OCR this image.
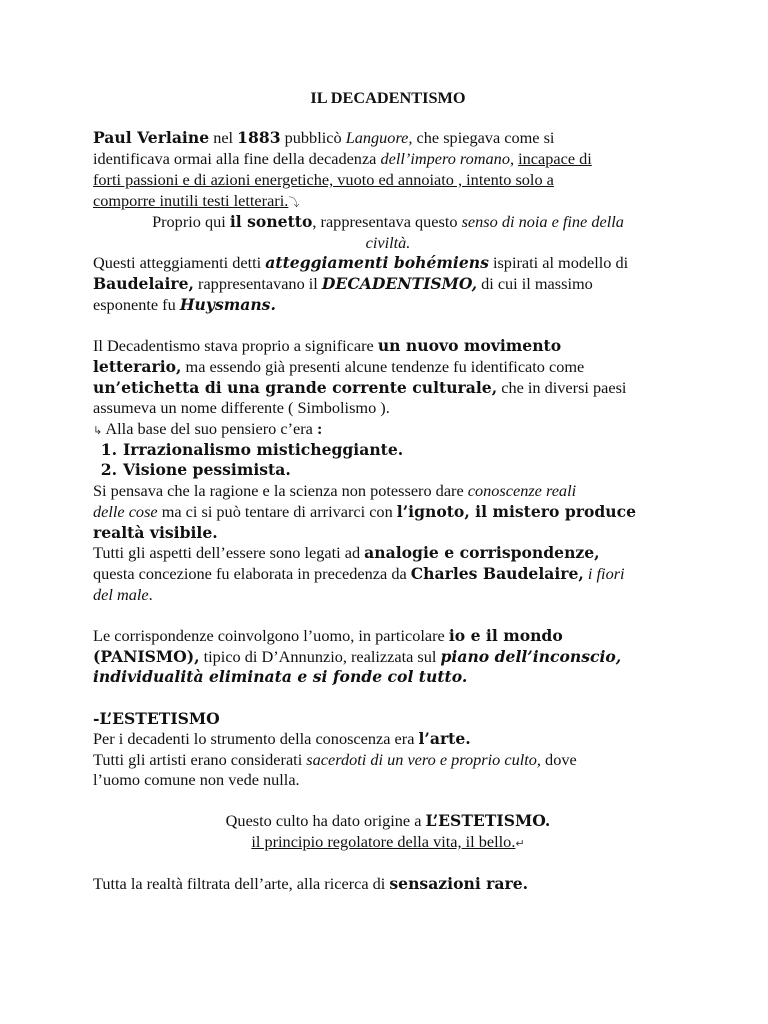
IL DECADENTISMO
Paul Verlaine nel 1883 pubblicò Languore, che spiegava come si
identificava ormai alla fine della decadenza dell’impero romano, incapace di
forti passioni e di azioni energetiche, vuoto ed annoiato , intento solo a
comporre inutili testi letterari.⤵
Proprio qui il sonetto, rappresentava questo senso di noia e fine della
civiltà.
Questi atteggiamenti detti atteggiamenti bohémiens ispirati al modello di
Baudelaire, rappresentavano il DECADENTISMO, di cui il massimo
esponente fu Huysmans.
Il Decadentismo stava proprio a significare un nuovo movimento
letterario, ma essendo già presenti alcune tendenze fu identificato come
un’etichetta di una grande corrente culturale, che in diversi paesi
assumeva un nome differente ( Simbolismo ).
↳ Alla base del suo pensiero c’era :
1. Irrazionalismo misticheggiante.
2. Visione pessimista.
Si pensava che la ragione e la scienza non potessero dare conoscenze reali
delle cose ma ci si può tentare di arrivarci con l’ignoto, il mistero produce
realtà visibile.
Tutti gli aspetti dell’essere sono legati ad analogie e corrispondenze,
questa concezione fu elaborata in precedenza da Charles Baudelaire, i fiori
del male.
Le corrispondenze coinvolgono l’uomo, in particolare io e il mondo
(PANISMO), tipico di D’Annunzio, realizzata sul piano dell’inconscio,
individualità eliminata e si fonde col tutto.
-L’ESTETISMO
Per i decadenti lo strumento della conoscenza era l’arte.
Tutti gli artisti erano considerati sacerdoti di un vero e proprio culto, dove
l’uomo comune non vede nulla.
Questo culto ha dato origine a L’ESTETISMO.
il principio regolatore della vita, il bello.↵
Tutta la realtà filtrata dell’arte, alla ricerca di sensazioni rare.
